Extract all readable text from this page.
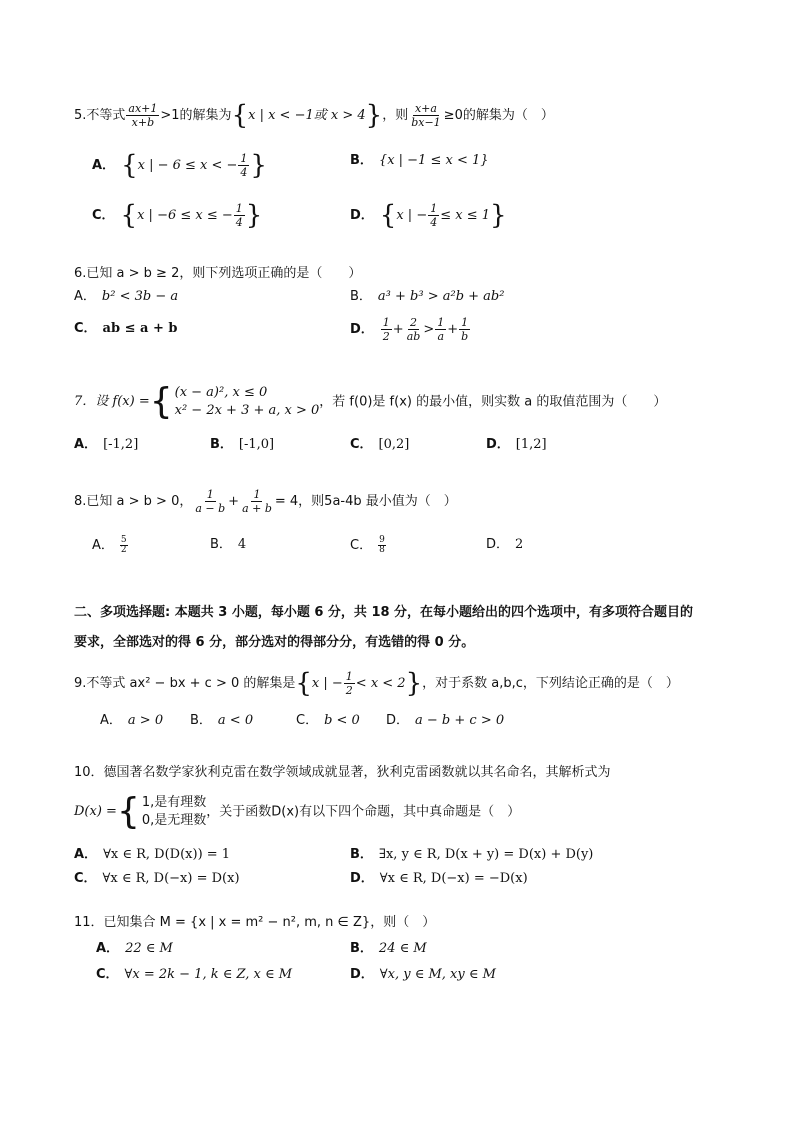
5.不等式 $\frac{ax+1}{x+b} >1$的解集为{x | x < −1或 x > 4}，则 $\frac{x+a}{bx-1} \ge 0$的解集为（　）
A． {x | − 6 ≤ x < − $\frac{1}{4}$ }	B． {x | −1 ≤ x < 1}
C． {x | −6 ≤ x ≤ − $\frac{1}{4}$ }	D． {x | − $\frac{1}{4} \le x \le 1$}
6.已知 a > b ≥ 2，则下列选项正确的是（　　）
A． b² < 3b − a	B． a³ + b³ > a²b + ab²
C． ab ≤ a + b	D． $\frac{1}{2} + \frac{2}{ab} > \frac{1}{a} + \frac{1}{b}$
7．设 f(x) = { (x − a)², x ≤ 0
x² − 2x + 3 + a, x > 0
，若 f(0)是 f(x) 的最小值，则实数 a 的取值范围为（　　）
A． [-1,2]	B． [-1,0]	C． [0,2]	D． [1,2]
8.已知 a > b > 0， $\frac{1}{a - b} + \frac{1}{a + b} = 4$，则5a-4b 最小值为（　）
A． $\frac{5}{2}$	B． 4	C． $\frac{9}{8}$	D． 2
二、多项选择题: 本题共 3 小题，每小题 6 分，共 18 分，在每小题给出的四个选项中，有多项符合题目的
要求，全部选对的得 6 分，部分选对的得部分分，有选错的得 0 分。
9.不等式 ax² − bx + c > 0 的解集是{x | − $\frac{1}{2} < x < 2$}，对于系数 a,b,c，下列结论正确的是（　）
A． a > 0 B． a < 0	C． b < 0 D． a − b + c > 0
10．德国著名数学家狄利克雷在数学领域成就显著，狄利克雷函数就以其名命名，其解析式为
D(x) = { 1,是有理数
0,是无理数
，关于函数D(x)有以下四个命题，其中真命题是（　）
A． ∀x ∈ R, D(D(x)) = 1	B． ∃x, y ∈ R, D(x + y) = D(x) + D(y)
C． ∀x ∈ R, D(−x) = D(x)	D． ∀x ∈ R, D(−x) = −D(x)
11．已知集合 M = {x | x = m² − n², m, n ∈ Z}，则（　）
A． 22 ∈ M	B． 24 ∈ M
C． ∀x = 2k − 1, k ∈ Z, x ∈ M	D． ∀x, y ∈ M, xy ∈ M
